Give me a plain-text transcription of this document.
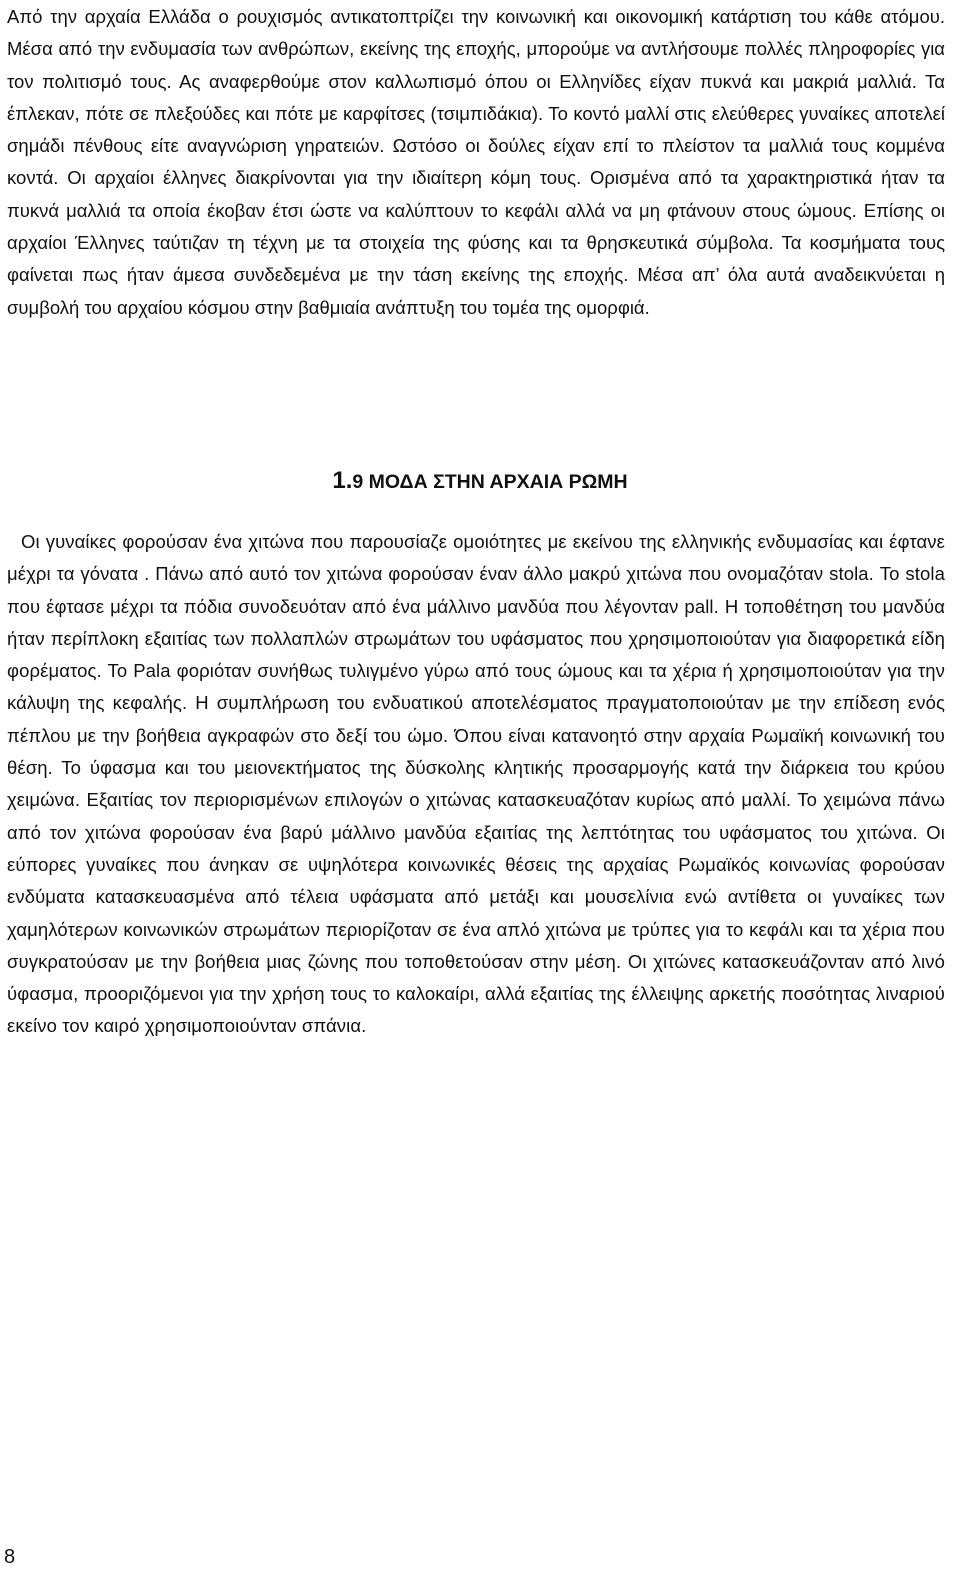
Από την αρχαία Ελλάδα ο ρουχισμός αντικατοπτρίζει την κοινωνική και οικονομική κατάρτιση του κάθε ατόμου. Μέσα από την ενδυμασία των ανθρώπων, εκείνης της εποχής, μπορούμε να αντλήσουμε πολλές πληροφορίες για τον πολιτισμό τους. Ας αναφερθούμε στον καλλωπισμό όπου οι Ελληνίδες είχαν πυκνά και μακριά μαλλιά. Τα έπλεκαν, πότε σε πλεξούδες και πότε με καρφίτσες (τσιμπιδάκια). Το κοντό μαλλί στις ελεύθερες γυναίκες αποτελεί σημάδι πένθους είτε αναγνώριση γηρατειών. Ωστόσο οι δούλες είχαν επί το πλείστον τα μαλλιά τους κομμένα κοντά. Οι αρχαίοι έλληνες διακρίνονται για την ιδιαίτερη κόμη τους. Ορισμένα από τα χαρακτηριστικά ήταν τα πυκνά μαλλιά τα οποία έκοβαν έτσι ώστε να καλύπτουν το κεφάλι αλλά να μη φτάνουν στους ώμους. Επίσης οι αρχαίοι Έλληνες ταύτιζαν τη τέχνη με τα στοιχεία της φύσης και τα θρησκευτικά σύμβολα. Τα κοσμήματα τους φαίνεται πως ήταν άμεσα συνδεδεμένα με την τάση εκείνης της εποχής. Μέσα απ’ όλα αυτά αναδεικνύεται η συμβολή του αρχαίου κόσμου στην βαθμιαία ανάπτυξη του τομέα της ομορφιά.

1.9 ΜΟΔΑ ΣΤΗΝ ΑΡΧΑΙΑ ΡΩΜΗ

Οι γυναίκες φορούσαν ένα χιτώνα που παρουσίαζε ομοιότητες με εκείνου της ελληνικής ενδυμασίας και έφτανε μέχρι τα γόνατα . Πάνω από αυτό τον χιτώνα φορούσαν έναν άλλο μακρύ χιτώνα που ονομαζόταν stola. Το stola που έφτασε μέχρι τα πόδια συνοδευόταν από ένα μάλλινο μανδύα που λέγονταν pall. Η τοποθέτηση του μανδύα ήταν περίπλοκη εξαιτίας των πολλαπλών στρωμάτων του υφάσματος που χρησιμοποιούταν για διαφορετικά είδη φορέματος. Το Pala φοριόταν συνήθως τυλιγμένο γύρω από τους ώμους και τα χέρια ή χρησιμοποιούταν για την κάλυψη της κεφαλής. Η συμπλήρωση του ενδυατικού αποτελέσματος πραγματοποιούταν με την επίδεση ενός πέπλου με την βοήθεια αγκραφών στο δεξί του ώμο. Όπου είναι κατανοητό στην αρχαία Ρωμαϊκή κοινωνική του θέση. Το ύφασμα και του μειονεκτήματος της δύσκολης κλητικής προσαρμογής κατά την διάρκεια του κρύου χειμώνα. Εξαιτίας τον περιορισμένων επιλογών ο χιτώνας κατασκευαζόταν κυρίως από μαλλί. Το χειμώνα πάνω από τον χιτώνα φορούσαν ένα βαρύ μάλλινο μανδύα εξαιτίας της λεπτότητας του υφάσματος του χιτώνα. Οι εύπορες γυναίκες που άνηκαν σε υψηλότερα κοινωνικές θέσεις της αρχαίας Ρωμαϊκός κοινωνίας φορούσαν ενδύματα κατασκευασμένα από τέλεια υφάσματα από μετάξι και μουσελίνια ενώ αντίθετα οι γυναίκες των χαμηλότερων κοινωνικών στρωμάτων περιορίζοταν σε ένα απλό χιτώνα με τρύπες για το κεφάλι και τα χέρια που συγκρατούσαν με την βοήθεια μιας ζώνης που τοποθετούσαν στην μέση. Οι χιτώνες κατασκευάζονταν από λινό ύφασμα, προοριζόμενοι για την χρήση τους το καλοκαίρι, αλλά εξαιτίας της έλλειψης αρκετής ποσότητας λιναριού εκείνο τον καιρό χρησιμοποιούνταν σπάνια.

8
